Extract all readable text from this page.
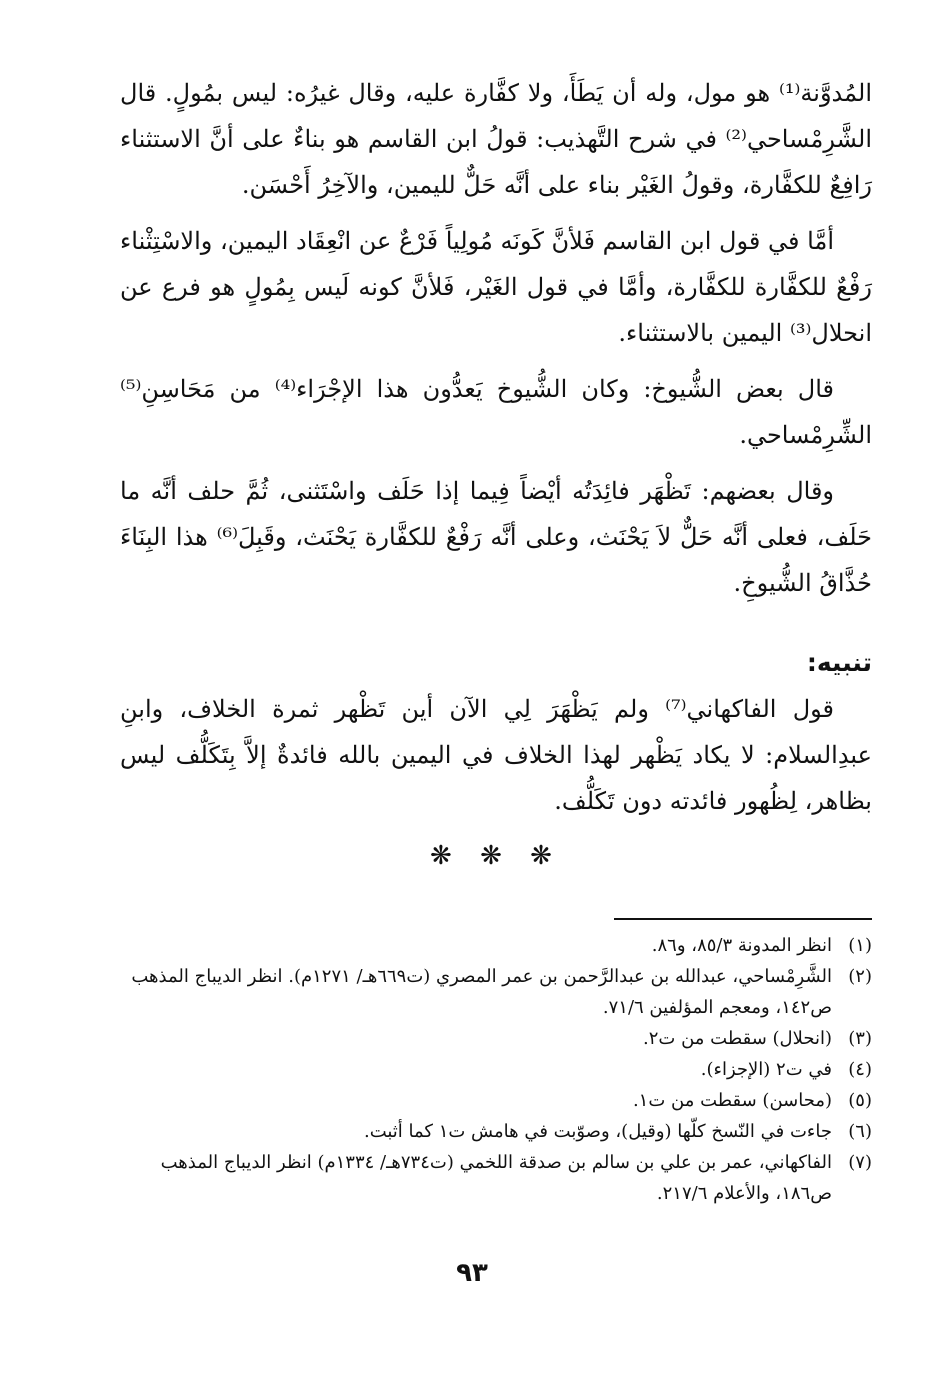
المُدوَّنة⁽¹⁾ هو مول، وله أن يَطَأَ، ولا كفَّارة عليه، وقال غيرُه: ليس بمُولٍ. قال الشَّرِمْساحي⁽²⁾ في شرح التَّهذيب: قولُ ابن القاسم هو بناءٌ على أنَّ الاستثناء رَافِعٌ للكفَّارة، وقولُ الغَيْر بناء على أنَّه حَلٌّ لليمين، والآخِرُ أَحْسَن.

أمَّا في قول ابن القاسم فَلأنَّ كَونَه مُولِياً فَرْعٌ عن انْعِقَاد اليمين، والاسْتِثْناء رَفْعٌ للكفَّارة للكفَّارة، وأمَّا في قول الغَيْر، فَلأنَّ كونه لَيس بِمُولٍ هو فرع عن انحلال⁽³⁾ اليمين بالاستثناء.

قال بعض الشُّيوخ: وكان الشُّيوخ يَعدُّون هذا الإجْرَاء⁽⁴⁾ من مَحَاسِنِ⁽⁵⁾ الشِّرِمْساحي.

وقال بعضهم: تَظْهَر فائِدَتُه أيْضاً فِيما إذا حَلَف واسْتَثنى، ثُمَّ حلف أنَّه ما حَلَف، فعلى أنَّه حَلٌّ لاَ يَحْنَث، وعلى أنَّه رَفْعٌ للكفَّارة يَحْنَث، وقَبِلَ⁽⁶⁾ هذا البِنَاءَ حُذَّاقُ الشُّيوخِ.

تنبيه:

قول الفاكهاني⁽⁷⁾ ولم يَظْهَرَ لِي الآن أين تَظْهر ثمرة الخلاف، وابنِ عبدِالسلام: لا يكاد يَظْهر لهذا الخلاف في اليمين بالله فائدةٌ إلاَّ بِتَكَلُّف ليس بظاهر، لِظُهور فائدته دون تَكَلُّف.

❋ ❋ ❋
(١)
انظر المدونة ٨٥/٣، و٨٦.
(٢)
الشَّرِمْساحي، عبدالله بن عبدالرَّحمن بن عمر المصري (ت٦٦٩هـ/ ١٢٧١م). انظر الديباج المذهب ص١٤٢، ومعجم المؤلفين ٧١/٦.
(٣)
(انحلال) سقطت من ت٢.
(٤)
في ت٢ (الإجزاء).
(٥)
(محاسن) سقطت من ت١.
(٦)
جاءت في النّسخ كلّها (وقيل)، وصوّبت في هامش ت١ كما أثبت.
(٧)
الفاكهاني، عمر بن علي بن سالم بن صدقة اللخمي (ت٧٣٤هـ/ ١٣٣٤م) انظر الديباج المذهب ص١٨٦، والأعلام ٢١٧/٦.
٩٣
